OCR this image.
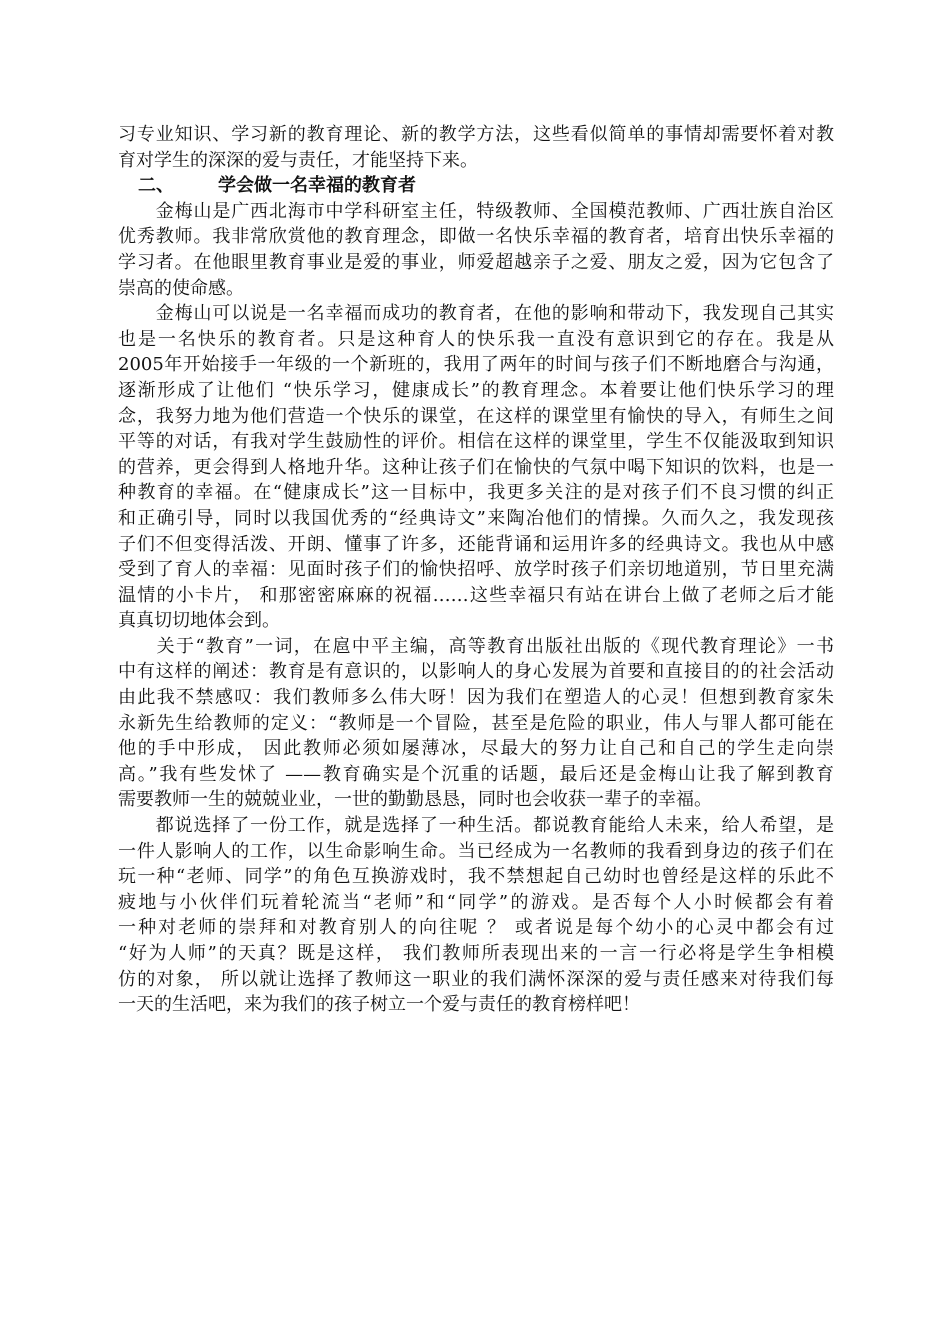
习专业知识、学习新的教育理论、新的教学方法，这些看似简单的事情却需要怀着对教
育对学生的深深的爱与责任，才能坚持下来。
二、 学会做一名幸福的教育者
　　金梅山是广西北海市中学科研室主任，特级教师、全国模范教师、广西壮族自治区
优秀教师。我非常欣赏他的教育理念，即做一名快乐幸福的教育者，培育出快乐幸福的
学习者。在他眼里教育事业是爱的事业，师爱超越亲子之爱、朋友之爱，因为它包含了
崇高的使命感。
　　金梅山可以说是一名幸福而成功的教育者，在他的影响和带动下，我发现自己其实
也是一名快乐的教育者。只是这种育人的快乐我一直没有意识到它的存在。我是从
2005年开始接手一年级的一个新班的，我用了两年的时间与孩子们不断地磨合与沟通，
逐渐形成了让他们 “快乐学习，健康成长”的教育理念。本着要让他们快乐学习的理
念，我努力地为他们营造一个快乐的课堂，在这样的课堂里有愉快的导入，有师生之间
平等的对话，有我对学生鼓励性的评价。相信在这样的课堂里，学生不仅能汲取到知识
的营养，更会得到人格地升华。这种让孩子们在愉快的气氛中喝下知识的饮料，也是一
种教育的幸福。在“健康成长”这一目标中，我更多关注的是对孩子们不良习惯的纠正
和正确引导，同时以我国优秀的“经典诗文”来陶冶他们的情操。久而久之，我发现孩
子们不但变得活泼、开朗、懂事了许多，还能背诵和运用许多的经典诗文。我也从中感
受到了育人的幸福：见面时孩子们的愉快招呼、放学时孩子们亲切地道别，节日里充满
温情的小卡片， 和那密密麻麻的祝福……这些幸福只有站在讲台上做了老师之后才能
真真切切地体会到。
　　关于“教育”一词，在扈中平主编，高等教育出版社出版的《现代教育理论》一书
中有这样的阐述：教育是有意识的，以影响人的身心发展为首要和直接目的的社会活动
由此我不禁感叹：我们教师多么伟大呀！因为我们在塑造人的心灵！但想到教育家朱
永新先生给教师的定义：“教师是一个冒险，甚至是危险的职业，伟人与罪人都可能在
他的手中形成， 因此教师必须如屡薄冰，尽最大的努力让自己和自己的学生走向崇
高。”我有些发怵了 ——教育确实是个沉重的话题，最后还是金梅山让我了解到教育
需要教师一生的兢兢业业，一世的勤勤恳恳，同时也会收获一辈子的幸福。
　　都说选择了一份工作，就是选择了一种生活。都说教育能给人未来，给人希望，是
一件人影响人的工作，以生命影响生命。当已经成为一名教师的我看到身边的孩子们在
玩一种“老师、同学”的角色互换游戏时，我不禁想起自己幼时也曾经是这样的乐此不
疲地与小伙伴们玩着轮流当“老师”和“同学”的游戏。是否每个人小时候都会有着
一种对老师的崇拜和对教育别人的向往呢 ？ 或者说是每个幼小的心灵中都会有过
“好为人师”的天真？既是这样， 我们教师所表现出来的一言一行必将是学生争相模
仿的对象， 所以就让选择了教师这一职业的我们满怀深深的爱与责任感来对待我们每
一天的生活吧，来为我们的孩子树立一个爱与责任的教育榜样吧！
